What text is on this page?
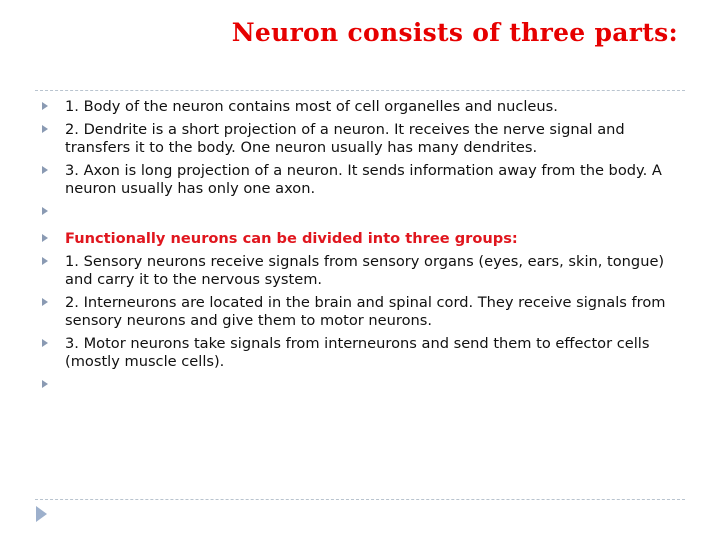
Neuron consists of three parts:
1. Body of the neuron contains most of cell organelles and nucleus.
2. Dendrite is a short projection of a neuron. It receives the nerve signal and transfers it to the body. One neuron usually has many dendrites.
3. Axon is long projection of a neuron. It sends information away from the body. A neuron usually has only one axon.
Functionally neurons can be divided into three groups:
1. Sensory neurons receive signals from sensory organs (eyes, ears, skin, tongue) and carry it to the nervous system.
2. Interneurons are located in the brain and spinal cord. They receive signals from sensory neurons and give them to motor neurons.
3. Motor neurons take signals from interneurons and send them to effector cells (mostly muscle cells).
